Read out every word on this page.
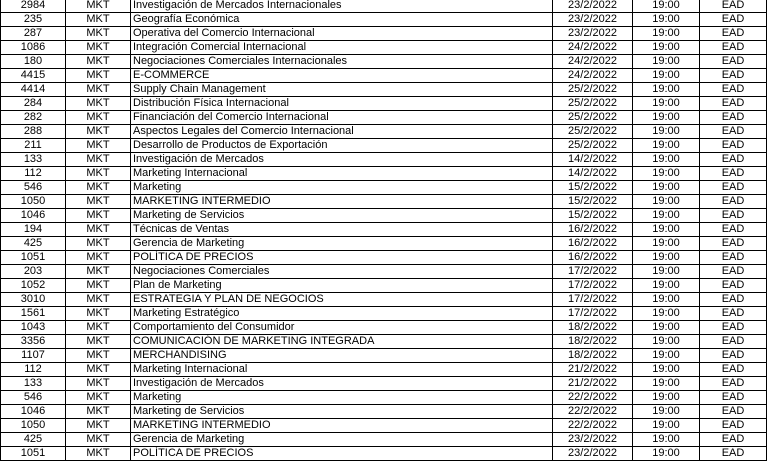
2984	MKT	Investigación de Mercados Internacionales	23/2/2022	19:00	EAD
235	MKT	Geografía Económica	23/2/2022	19:00	EAD
287	MKT	Operativa del Comercio Internacional	23/2/2022	19:00	EAD
1086	MKT	Integración Comercial Internacional	24/2/2022	19:00	EAD
180	MKT	Negociaciones Comerciales Internacionales	24/2/2022	19:00	EAD
4415	MKT	E-COMMERCE	24/2/2022	19:00	EAD
4414	MKT	Supply Chain Management	25/2/2022	19:00	EAD
284	MKT	Distribución Física Internacional	25/2/2022	19:00	EAD
282	MKT	Financiación del Comercio Internacional	25/2/2022	19:00	EAD
288	MKT	Aspectos Legales del Comercio Internacional	25/2/2022	19:00	EAD
211	MKT	Desarrollo de Productos de Exportación	25/2/2022	19:00	EAD
133	MKT	Investigación de Mercados	14/2/2022	19:00	EAD
112	MKT	Marketing Internacional	14/2/2022	19:00	EAD
546	MKT	Marketing	15/2/2022	19:00	EAD
1050	MKT	MARKETING INTERMEDIO	15/2/2022	19:00	EAD
1046	MKT	Marketing de Servicios	15/2/2022	19:00	EAD
194	MKT	Técnicas de Ventas	16/2/2022	19:00	EAD
425	MKT	Gerencia de Marketing	16/2/2022	19:00	EAD
1051	MKT	POLÍTICA DE PRECIOS	16/2/2022	19:00	EAD
203	MKT	Negociaciones Comerciales	17/2/2022	19:00	EAD
1052	MKT	Plan de Marketing	17/2/2022	19:00	EAD
3010	MKT	ESTRATEGIA Y PLAN DE NEGOCIOS	17/2/2022	19:00	EAD
1561	MKT	Marketing Estratégico	17/2/2022	19:00	EAD
1043	MKT	Comportamiento del Consumidor	18/2/2022	19:00	EAD
3356	MKT	COMUNICACIÓN DE MARKETING INTEGRADA	18/2/2022	19:00	EAD
1107	MKT	MERCHANDISING	18/2/2022	19:00	EAD
112	MKT	Marketing Internacional	21/2/2022	19:00	EAD
133	MKT	Investigación de Mercados	21/2/2022	19:00	EAD
546	MKT	Marketing	22/2/2022	19:00	EAD
1046	MKT	Marketing de Servicios	22/2/2022	19:00	EAD
1050	MKT	MARKETING INTERMEDIO	22/2/2022	19:00	EAD
425	MKT	Gerencia de Marketing	23/2/2022	19:00	EAD
1051	MKT	POLÍTICA DE PRECIOS	23/2/2022	19:00	EAD
